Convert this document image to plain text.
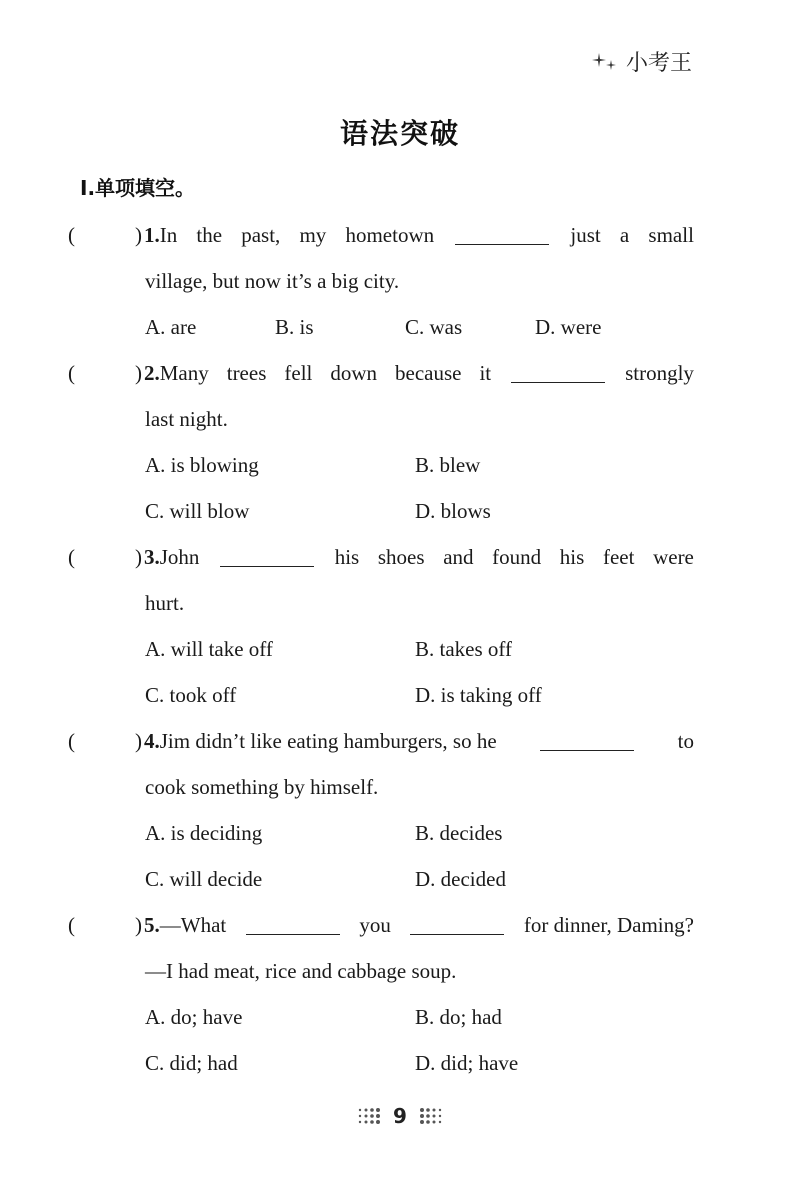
小考王
语法突破
Ⅰ.单项填空。
(	) 1. In the past, my hometown	just a small
village, but now it’s a big city.
A. are	B. is	C. was	D. were
(	) 2. Many trees fell down because it	strongly
last night.
A. is blowing	B. blew
C. will blow	D. blows
(	) 3. John	his shoes and found his feet were
hurt.
A. will take off	B. takes off
C. took off	D. is taking off
(	) 4. Jim didn’t like eating hamburgers, so he	to
cook something by himself.
A. is deciding	B. decides
C. will decide	D. decided
(	) 5. —What	you	for dinner, Daming?
—I had meat, rice and cabbage soup.
A. do; have	B. do; had
C. did; had	D. did; have
9
